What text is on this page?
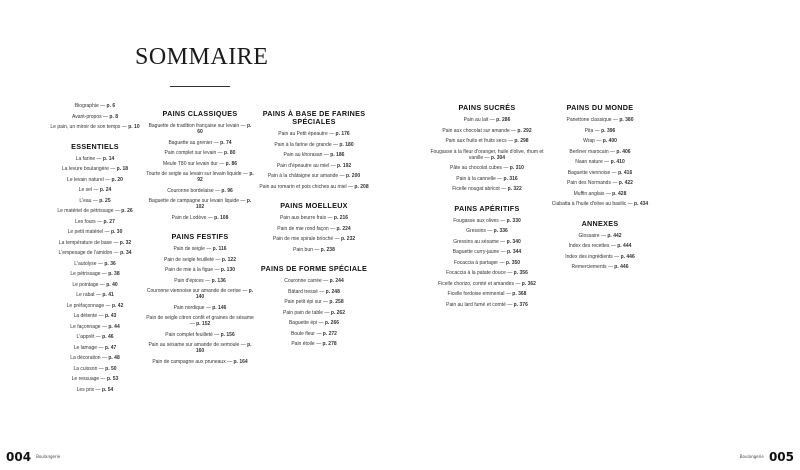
SOMMAIRE
Biographie — p. 6
Avant-propos — p. 8
Le pain, un miroir de son temps — p. 10
ESSENTIELS
La farine — p. 14
La levure boulangère — p. 18
Le levain naturel — p. 20
Le sel — p. 24
L'eau — p. 25
Le matériel de pétrissage — p. 26
Les fours — p. 27
Le petit matériel — p. 30
La température de base — p. 32
L'empesage de l'amidon — p. 34
L'autolyse — p. 36
Le pétrissage — p. 38
Le pointage — p. 40
Le rabat — p. 41
Le préfaçonnage — p. 42
La détente — p. 43
Le façonnage — p. 44
L'apprêt — p. 46
Le lamage — p. 47
La décoration — p. 48
La cuisson — p. 50
Le ressuage — p. 53
Les prix — p. 54
PAINS CLASSIQUES
Baguette de tradition française sur levain — p. 60
Baguette au grenier — p. 74
Pain complet sur levain — p. 80
Meule T80 sur levain dur — p. 86
Tourte de seigle au levain sur levain liquide — p. 92
Couronne bordelaise — p. 96
Baguette de campagne sur levain liquide — p. 102
Pain de Lodève — p. 108
PAINS FESTIFS
Pain de seigle — p. 116
Pain de seigle feuilleté — p. 122
Pain de mie à la figue — p. 130
Pain d'épices — p. 136
Couronne viennoise sur amande de cerise — p. 140
Pain nordique — p. 146
Pain de seigle citron confit et graines de sésame — p. 152
Pain complet feuilleté — p. 156
Pain au sésame sur amande de semoule — p. 160
Pain de campagne aux pruneaux — p. 164
PAINS À BASE DE FARINES SPÉCIALES
Pain au Petit épeautre — p. 176
Pain à la farine de grande — p. 180
Pain au khorasan — p. 186
Pain d'épeautre au miel — p. 192
Pain à la châtaigne sur amande — p. 200
Pain au romarin et pois chiches au miel — p. 208
PAINS MOELLEUX
Pain aux beurre frais — p. 216
Pain de mie rond façon — p. 224
Pain de mie spirale brioché — p. 232
Pain bun — p. 238
PAINS DE FORME SPÉCIALE
Couronne carrée — p. 244
Bâtard tressé — p. 248
Pain petit épi sur — p. 258
Pain pain de table — p. 262
Baguette épi — p. 266
Boule fleur — p. 272
Pain étoile — p. 278
PAINS SUCRÉS
Pain au lait — p. 286
Pain aux chocolat sur amande — p. 292
Pain aux fruits et fruits secs — p. 298
Fougasse à la fleur d'oranger, huile d'olive, rhum et vanille — p. 304
Pâte au chocolat cubes — p. 310
Pain à la cannelle — p. 316
Ficelle nougat abricot — p. 322
PAINS APÉRITIFS
Fougasse aux olives — p. 330
Gressins — p. 336
Gressins au sésame — p. 340
Baguette curry-jaune — p. 344
Focaccia à partager — p. 350
Focaccia à la patate douce — p. 356
Ficelle chorizo, comté et amandes — p. 362
Ficelle fordoise emmental — p. 368
Pain au lard fumé et comté — p. 376
PAINS DU MONDE
Panettone classique — p. 380
Pita — p. 396
Wrap — p. 400
Berliner marocain — p. 406
Naan nature — p. 410
Baguette viennoise — p. 416
Pain des Normands — p. 422
Muffin anglais — p. 428
Ciabatta à l'huile d'olive au basilic — p. 434
ANNEXES
Glossaire — p. 442
Index des recettes — p. 444
Index des ingrédients — p. 446
Remerciements — p. 446
004 Boulangerie	Boulangerie 005
